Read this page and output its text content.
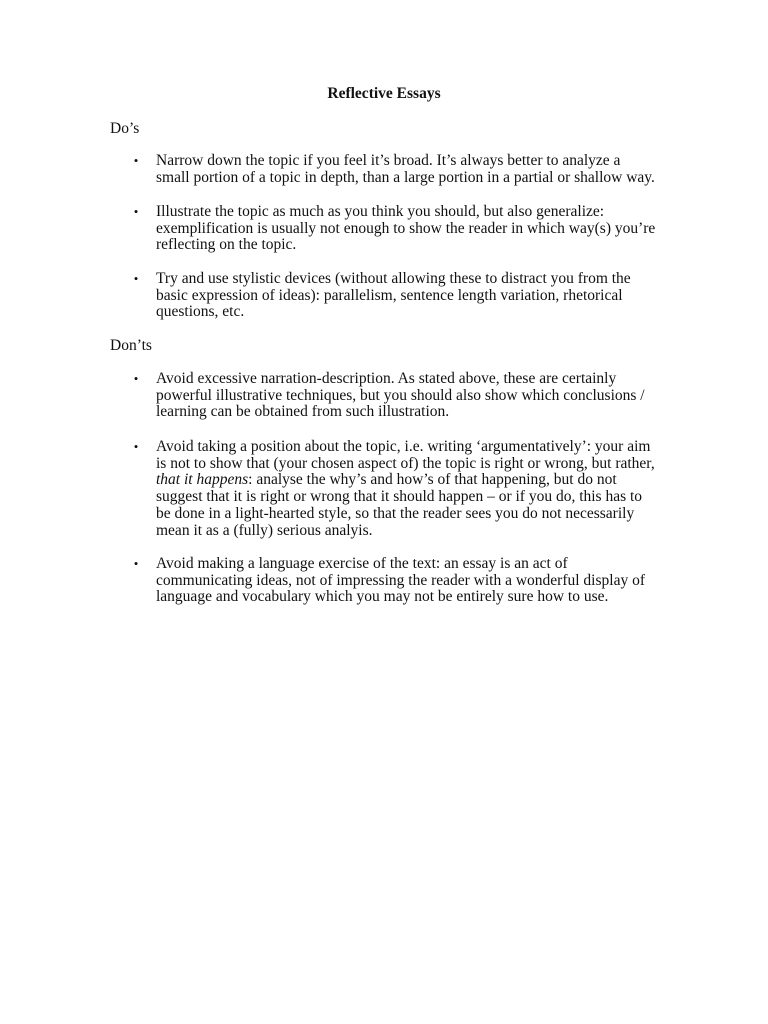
Reflective Essays
Do’s
• Narrow down the topic if you feel it’s broad. It’s always better to analyze a
small portion of a topic in depth, than a large portion in a partial or shallow way.

• Illustrate the topic as much as you think you should, but also generalize:
exemplification is usually not enough to show the reader in which way(s) you’re
reflecting on the topic.

• Try and use stylistic devices (without allowing these to distract you from the
basic expression of ideas): parallelism, sentence length variation, rhetorical
questions, etc.

Don’ts
• Avoid excessive narration-description. As stated above, these are certainly
powerful illustrative techniques, but you should also show which conclusions /
learning can be obtained from such illustration.

• Avoid taking a position about the topic, i.e. writing ‘argumentatively’: your aim
is not to show that (your chosen aspect of) the topic is right or wrong, but rather,
that it happens: analyse the why’s and how’s of that happening, but do not
suggest that it is right or wrong that it should happen – or if you do, this has to
be done in a light-hearted style, so that the reader sees you do not necessarily
mean it as a (fully) serious analyis.

• Avoid making a language exercise of the text: an essay is an act of
communicating ideas, not of impressing the reader with a wonderful display of
language and vocabulary which you may not be entirely sure how to use.
